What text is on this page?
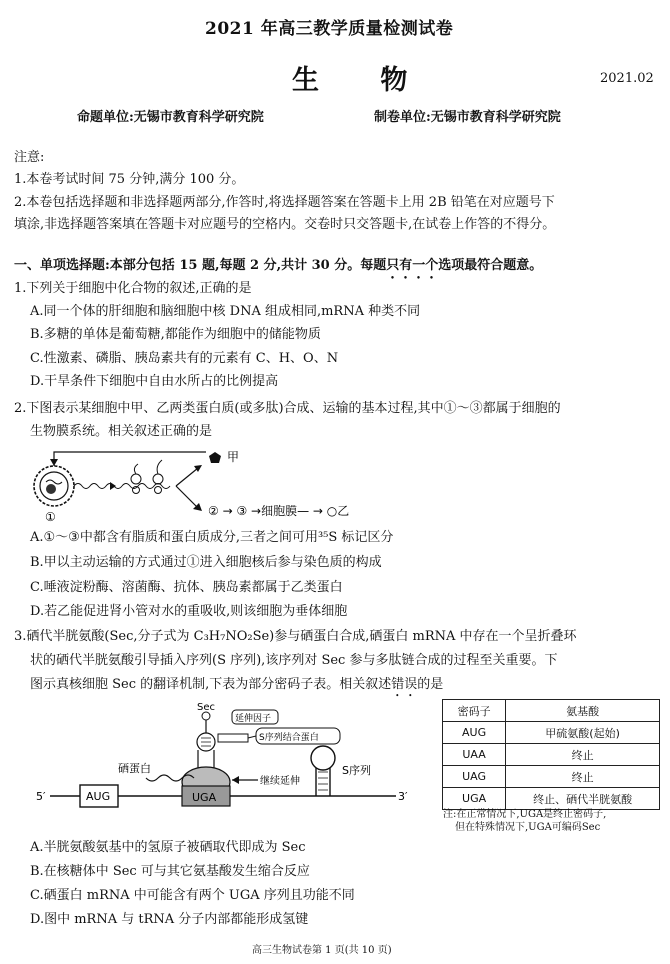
2021 年高三教学质量检测试卷
生 物	2021.02
命题单位:无锡市教育科学研究院	制卷单位:无锡市教育科学研究院
注意:
1.本卷考试时间 75 分钟,满分 100 分。
2.本卷包括选择题和非选择题两部分,作答时,将选择题答案在答题卡上用 2B 铅笔在对应题号下
填涂,非选择题答案填在答题卡对应题号的空格内。交卷时只交答题卡,在试卷上作答的不得分。
一、单项选择题:本部分包括 15 题,每题 2 分,共计 30 分。每题只有一个选项最符合题意。
1.下列关于细胞中化合物的叙述,正确的是
A.同一个体的肝细胞和脑细胞中核 DNA 组成相同,mRNA 种类不同
B.多糖的单体是葡萄糖,都能作为细胞中的储能物质
C.性激素、磷脂、胰岛素共有的元素有 C、H、O、N
D.干旱条件下细胞中自由水所占的比例提高
2.下图表示某细胞中甲、乙两类蛋白质(或多肽)合成、运输的基本过程,其中①～③都属于细胞的
生物膜系统。相关叙述正确的是
甲
①	② → ③ →细胞膜— → ○乙
A.①～③中都含有脂质和蛋白质成分,三者之间可用³⁵S 标记区分
B.甲以主动运输的方式通过①进入细胞核后参与染色质的构成
C.唾液淀粉酶、溶菌酶、抗体、胰岛素都属于乙类蛋白
D.若乙能促进肾小管对水的重吸收,则该细胞为垂体细胞
3.硒代半胱氨酸(Sec,分子式为 C₃H₇NO₂Se)参与硒蛋白合成,硒蛋白 mRNA 中存在一个呈折叠环
状的硒代半胱氨酸引导插入序列(S 序列),该序列对 Sec 参与多肽链合成的过程至关重要。下
图示真核细胞 Sec 的翻译机制,下表为部分密码子表。相关叙述错误的是
5′	3′
AUG	UGA
Sec
延伸因子
S序列结合蛋白
硒蛋白
继续延伸
S序列
密码子	氨基酸
AUG	甲硫氨酸(起始)
UAA	终止
UAG	终止
UGA	终止、硒代半胱氨酸
注:在正常情况下,UGA是终止密码子,
但在特殊情况下,UGA可编码Sec
A.半胱氨酸氨基中的氢原子被硒取代即成为 Sec
B.在核糖体中 Sec 可与其它氨基酸发生缩合反应
C.硒蛋白 mRNA 中可能含有两个 UGA 序列且功能不同
D.图中 mRNA 与 tRNA 分子内部都能形成氢键
高三生物试卷第 1 页(共 10 页)
